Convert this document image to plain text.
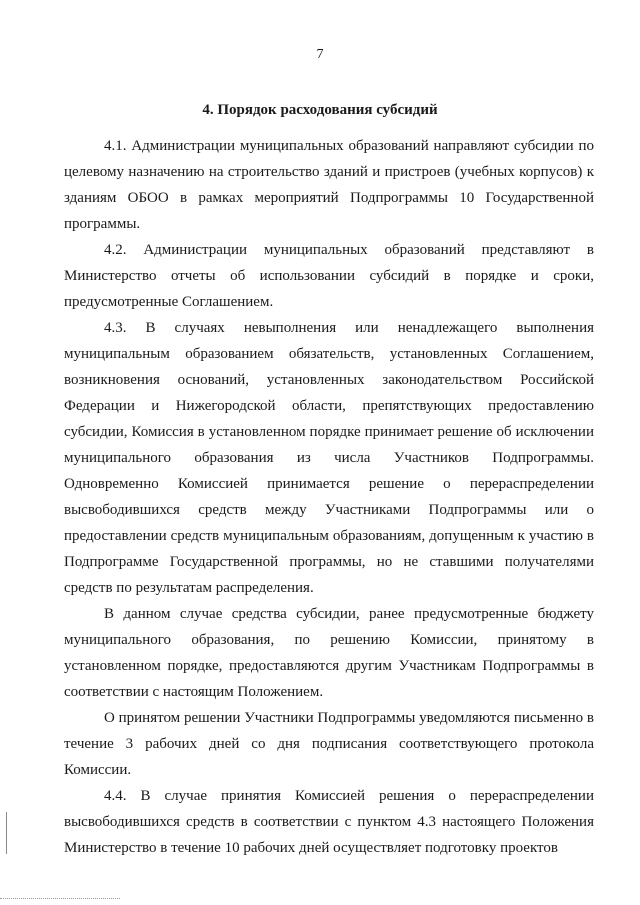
7
4. Порядок расходования субсидий

4.1. Администрации муниципальных образований направляют субсидии по целевому назначению на строительство зданий и пристроев (учебных корпусов) к зданиям ОБОО в рамках мероприятий Подпрограммы 10 Государственной программы.

4.2. Администрации муниципальных образований представляют в Министерство отчеты об использовании субсидий в порядке и сроки, предусмотренные Соглашением.

4.3. В случаях невыполнения или ненадлежащего выполнения муниципальным образованием обязательств, установленных Соглашением, возникновения оснований, установленных законодательством Российской Федерации и Нижегородской области, препятствующих предоставлению субсидии, Комиссия в установленном порядке принимает решение об исключении муниципального образования из числа Участников Подпрограммы. Одновременно Комиссией принимается решение о перераспределении высвободившихся средств между Участниками Подпрограммы или о предоставлении средств муниципальным образованиям, допущенным к участию в Подпрограмме Государственной программы, но не ставшими получателями средств по результатам распределения.

В данном случае средства субсидии, ранее предусмотренные бюджету муниципального образования, по решению Комиссии, принятому в установленном порядке, предоставляются другим Участникам Подпрограммы в соответствии с настоящим Положением.

О принятом решении Участники Подпрограммы уведомляются письменно в течение 3 рабочих дней со дня подписания соответствующего протокола Комиссии.

4.4. В случае принятия Комиссией решения о перераспределении высвободившихся средств в соответствии с пунктом 4.3 настоящего Положения Министерство в течение 10 рабочих дней осуществляет подготовку проектов
